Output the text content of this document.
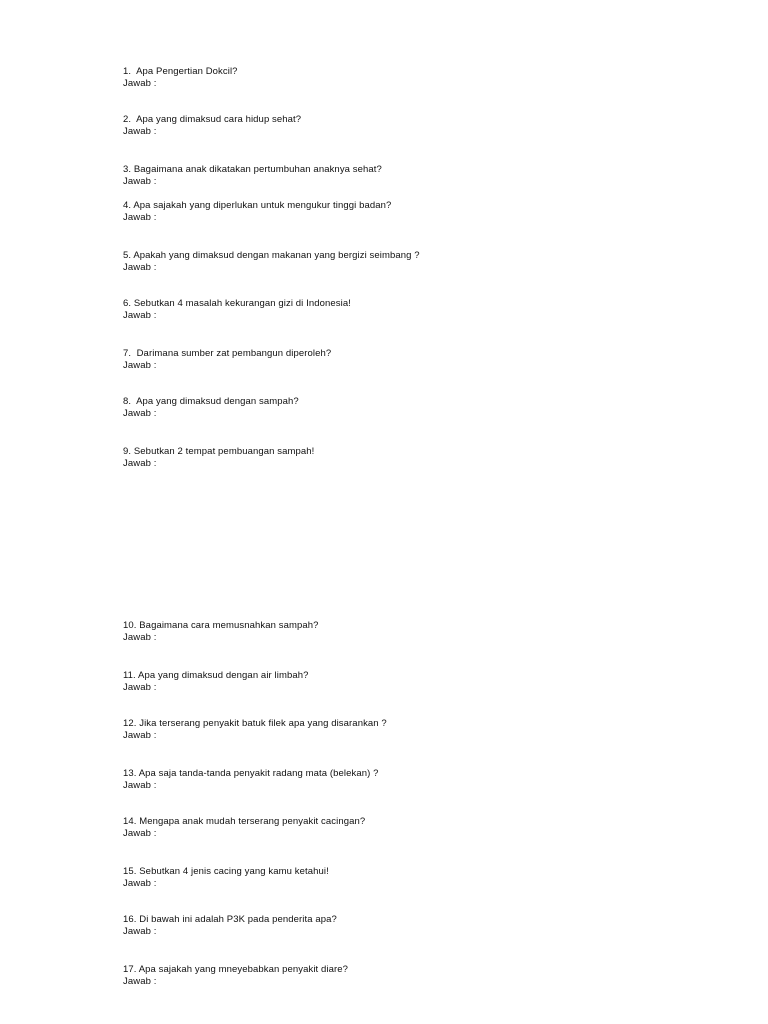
1.  Apa Pengertian Dokcil?
Jawab :
2.  Apa yang dimaksud cara hidup sehat?
Jawab :
3. Bagaimana anak dikatakan pertumbuhan anaknya sehat?
Jawab :
4. Apa sajakah yang diperlukan untuk mengukur tinggi badan?
Jawab :
5. Apakah yang dimaksud dengan makanan yang bergizi seimbang ?
Jawab :
6. Sebutkan 4 masalah kekurangan gizi di Indonesia!
Jawab :
7.  Darimana sumber zat pembangun diperoleh?
Jawab :
8.  Apa yang dimaksud dengan sampah?
Jawab :
9. Sebutkan 2 tempat pembuangan sampah!
Jawab :
10. Bagaimana cara memusnahkan sampah?
Jawab :
11. Apa yang dimaksud dengan air limbah?
Jawab :
12. Jika terserang penyakit batuk filek apa yang disarankan ?
Jawab :
13. Apa saja tanda-tanda penyakit radang mata (belekan) ?
Jawab :
14. Mengapa anak mudah terserang penyakit cacingan?
Jawab :
15. Sebutkan 4 jenis cacing yang kamu ketahui!
Jawab :
16. Di bawah ini adalah P3K pada penderita apa?
Jawab :
17. Apa sajakah yang mneyebabkan penyakit diare?
Jawab :
